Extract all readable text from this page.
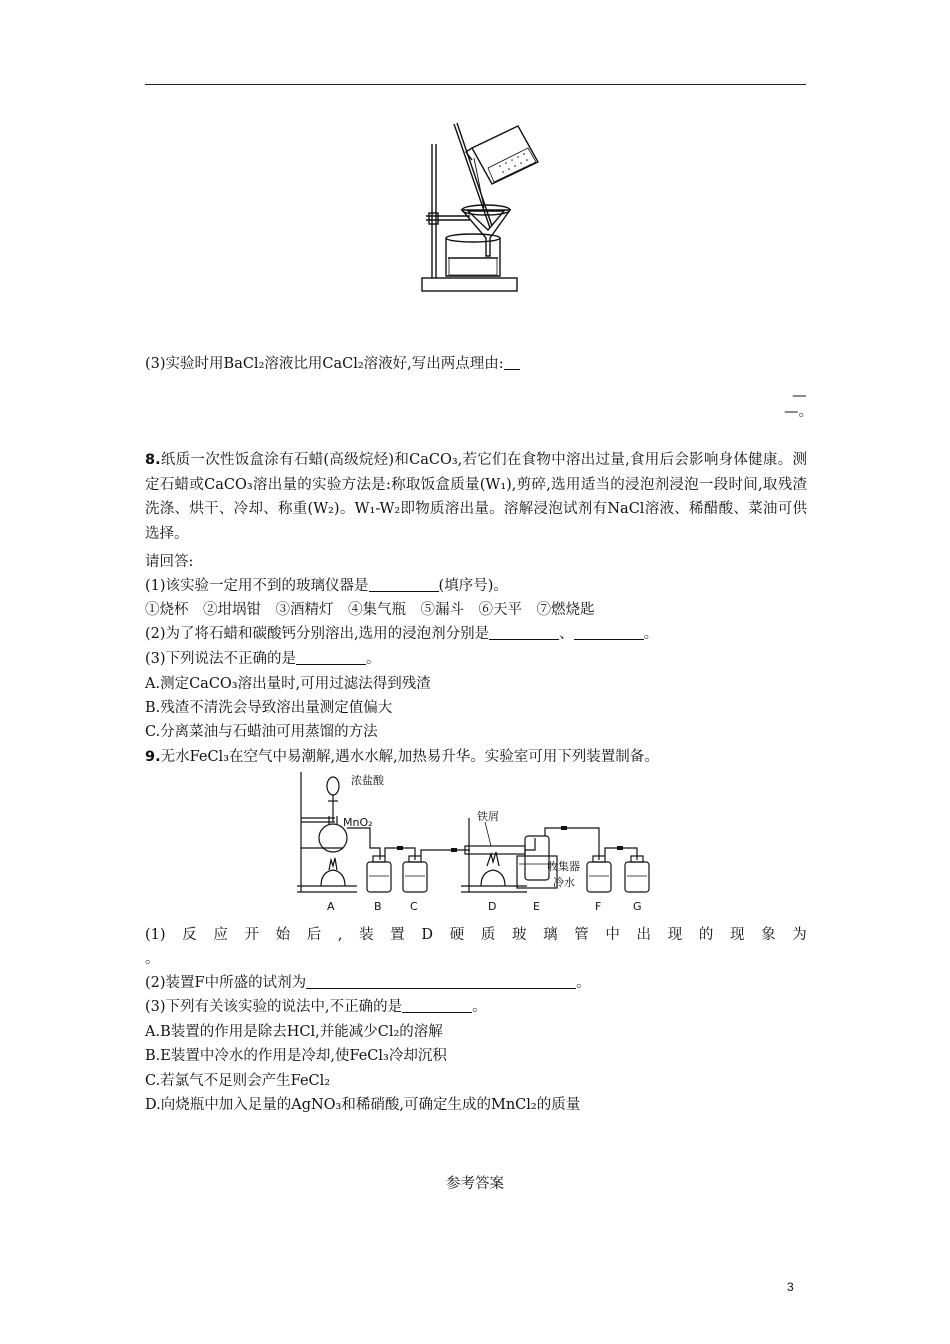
(3)实验时用BaCl₂溶液比用CaCl₂溶液好,写出两点理由:
—
—。
8.纸质一次性饭盒涂有石蜡(高级烷烃)和CaCO₃,若它们在食物中溶出过量,食用后会影响身体健康。测定石蜡或CaCO₃溶出量的实验方法是:称取饭盒质量(W₁),剪碎,选用适当的浸泡剂浸泡一段时间,取残渣洗涤、烘干、冷却、称重(W₂)。W₁-W₂即物质溶出量。溶解浸泡试剂有NaCl溶液、稀醋酸、菜油可供选择。
请回答:
(1)该实验一定用不到的玻璃仪器是	(填序号)。
①烧杯　②坩埚钳　③酒精灯　④集气瓶　⑤漏斗　⑥天平　⑦燃烧匙
(2)为了将石蜡和碳酸钙分别溶出,选用的浸泡剂分别是	、	。
(3)下列说法不正确的是	。
A.测定CaCO₃溶出量时,可用过滤法得到残渣
B.残渣不清洗会导致溶出量测定值偏大
C.分离菜油与石蜡油可用蒸馏的方法
9.无水FeCl₃在空气中易潮解,遇水水解,加热易升华。实验室可用下列装置制备。
浓盐酸
MnO₂	铁屑
收集器
冷水
A	B	C	D	E	F	G
(1) 反 应 开 始 后 , 装 置 D 硬 质 玻 璃 管 中 出 现 的 现 象 为
。
(2)装置F中所盛的试剂为	。
(3)下列有关该实验的说法中,不正确的是	。
A.B装置的作用是除去HCl,并能减少Cl₂的溶解
B.E装置中冷水的作用是冷却,使FeCl₃冷却沉积
C.若氯气不足则会产生FeCl₂
D.向烧瓶中加入足量的AgNO₃和稀硝酸,可确定生成的MnCl₂的质量
参考答案
3
